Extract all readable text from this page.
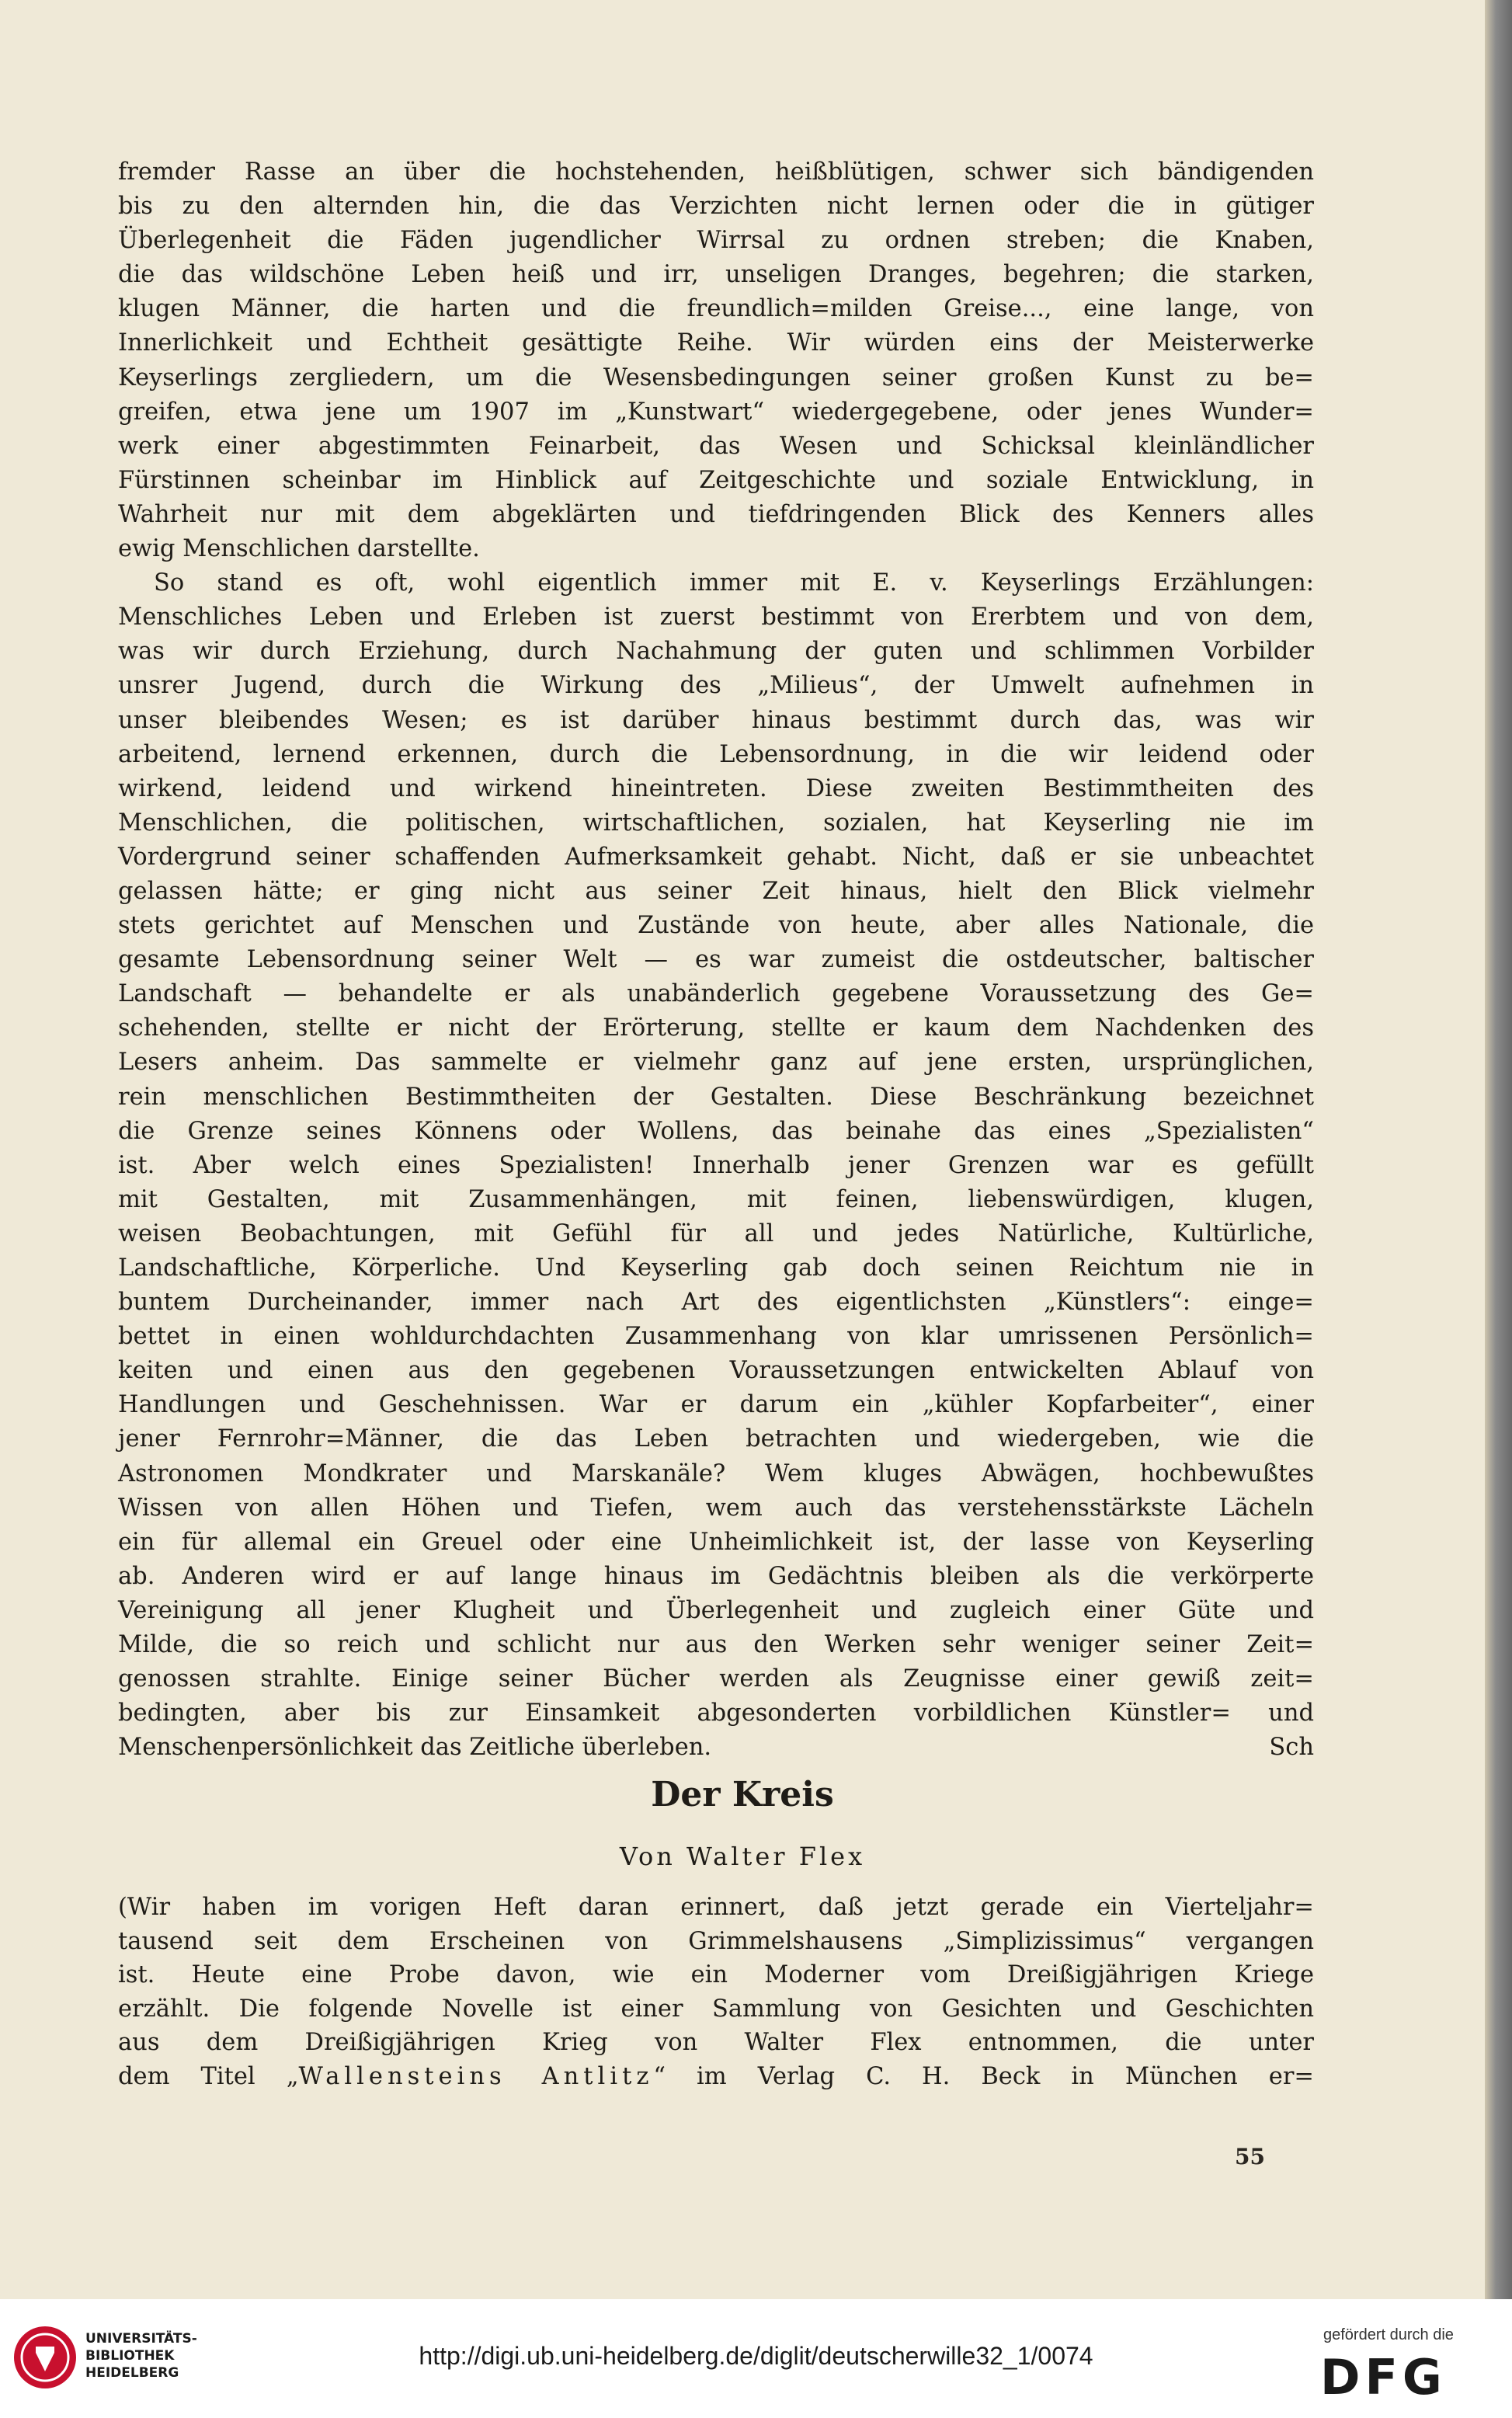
fremder Rasse an über die hochstehenden, heißblütigen, schwer sich bändigenden
bis zu den alternden hin, die das Verzichten nicht lernen oder die in gütiger
Überlegenheit die Fäden jugendlicher Wirrsal zu ordnen streben; die Knaben,
die das wildschöne Leben heiß und irr, unseligen Dranges, begehren; die starken,
klugen Männer, die harten und die freundlich=milden Greise..., eine lange, von
Innerlichkeit und Echtheit gesättigte Reihe. Wir würden eins der Meisterwerke
Keyserlings zergliedern, um die Wesensbedingungen seiner großen Kunst zu be=
greifen, etwa jene um 1907 im „Kunstwart“ wiedergegebene, oder jenes Wunder=
werk einer abgestimmten Feinarbeit, das Wesen und Schicksal kleinländlicher
Fürstinnen scheinbar im Hinblick auf Zeitgeschichte und soziale Entwicklung, in
Wahrheit nur mit dem abgeklärten und tiefdringenden Blick des Kenners alles
ewig Menschlichen darstellte.

So stand es oft, wohl eigentlich immer mit E. v. Keyserlings Erzählungen:
Menschliches Leben und Erleben ist zuerst bestimmt von Ererbtem und von dem,
was wir durch Erziehung, durch Nachahmung der guten und schlimmen Vorbilder
unsrer Jugend, durch die Wirkung des „Milieus“, der Umwelt aufnehmen in
unser bleibendes Wesen; es ist darüber hinaus bestimmt durch das, was wir
arbeitend, lernend erkennen, durch die Lebensordnung, in die wir leidend oder
wirkend, leidend und wirkend hineintreten. Diese zweiten Bestimmtheiten des
Menschlichen, die politischen, wirtschaftlichen, sozialen, hat Keyserling nie im
Vordergrund seiner schaffenden Aufmerksamkeit gehabt. Nicht, daß er sie unbeachtet
gelassen hätte; er ging nicht aus seiner Zeit hinaus, hielt den Blick vielmehr
stets gerichtet auf Menschen und Zustände von heute, aber alles Nationale, die
gesamte Lebensordnung seiner Welt — es war zumeist die ostdeutscher, baltischer
Landschaft — behandelte er als unabänderlich gegebene Voraussetzung des Ge=
schehenden, stellte er nicht der Erörterung, stellte er kaum dem Nachdenken des
Lesers anheim. Das sammelte er vielmehr ganz auf jene ersten, ursprünglichen,
rein menschlichen Bestimmtheiten der Gestalten. Diese Beschränkung bezeichnet
die Grenze seines Könnens oder Wollens, das beinahe das eines „Spezialisten“
ist. Aber welch eines Spezialisten! Innerhalb jener Grenzen war es gefüllt
mit Gestalten, mit Zusammenhängen, mit feinen, liebenswürdigen, klugen,
weisen Beobachtungen, mit Gefühl für all und jedes Natürliche, Kultürliche,
Landschaftliche, Körperliche. Und Keyserling gab doch seinen Reichtum nie in
buntem Durcheinander, immer nach Art des eigentlichsten „Künstlers“: einge=
bettet in einen wohldurchdachten Zusammenhang von klar umrissenen Persönlich=
keiten und einen aus den gegebenen Voraussetzungen entwickelten Ablauf von
Handlungen und Geschehnissen. War er darum ein „kühler Kopfarbeiter“, einer
jener Fernrohr=Männer, die das Leben betrachten und wiedergeben, wie die
Astronomen Mondkrater und Marskanäle? Wem kluges Abwägen, hochbewußtes
Wissen von allen Höhen und Tiefen, wem auch das verstehensstärkste Lächeln
ein für allemal ein Greuel oder eine Unheimlichkeit ist, der lasse von Keyserling
ab. Anderen wird er auf lange hinaus im Gedächtnis bleiben als die verkörperte
Vereinigung all jener Klugheit und Überlegenheit und zugleich einer Güte und
Milde, die so reich und schlicht nur aus den Werken sehr weniger seiner Zeit=
genossen strahlte. Einige seiner Bücher werden als Zeugnisse einer gewiß zeit=
bedingten, aber bis zur Einsamkeit abgesonderten vorbildlichen Künstler= und
Menschenpersönlichkeit das Zeitliche überleben.	Sch

Der Kreis
Von Walter Flex
(Wir haben im vorigen Heft daran erinnert, daß jetzt gerade ein Vierteljahr=
tausend seit dem Erscheinen von Grimmelshausens „Simplizissimus“ vergangen
ist. Heute eine Probe davon, wie ein Moderner vom Dreißigjährigen Kriege
erzählt. Die folgende Novelle ist einer Sammlung von Gesichten und Geschichten
aus dem Dreißigjährigen Krieg von Walter Flex entnommen, die unter
dem Titel „Wallensteins Antlitz“ im Verlag C. H. Beck in München er=
55
UNIVERSITÄTS-
BIBLIOTHEK
HEIDELBERG
http://digi.ub.uni-heidelberg.de/diglit/deutscherwille32_1/0074
gefördert durch die
DFG
